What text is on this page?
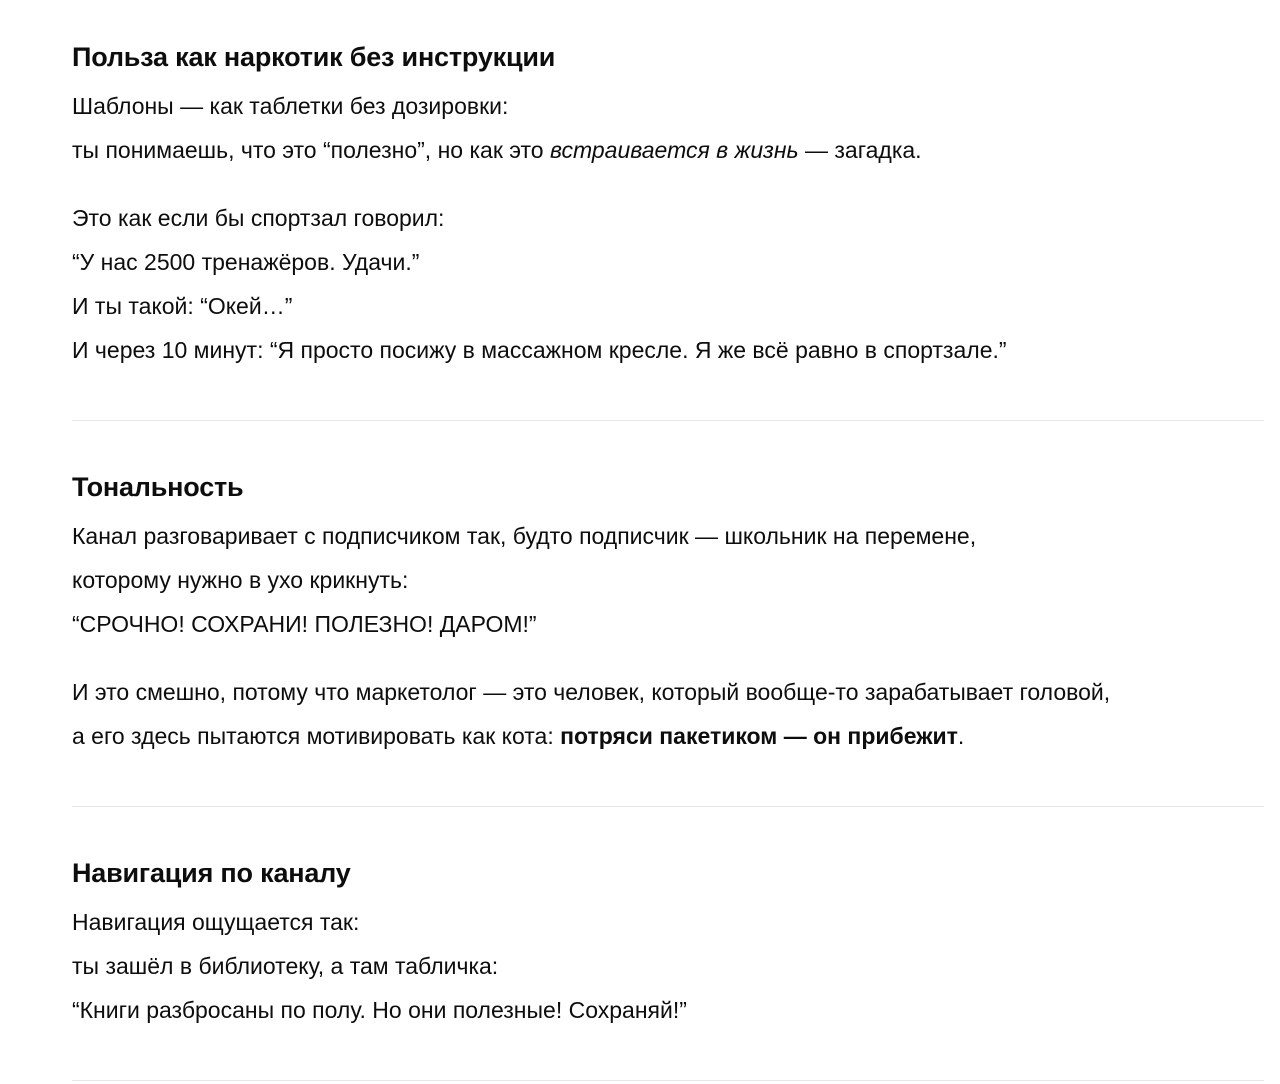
Польза как наркотик без инструкции

Шаблоны — как таблетки без дозировки:
ты понимаешь, что это “полезно”, но как это встраивается в жизнь — загадка.

Это как если бы спортзал говорил:
“У нас 2500 тренажёров. Удачи.”
И ты такой: “Окей…”
И через 10 минут: “Я просто посижу в массажном кресле. Я же всё равно в спортзале.”

Тональность

Канал разговаривает с подписчиком так, будто подписчик — школьник на перемене,
которому нужно в ухо крикнуть:
“СРОЧНО! СОХРАНИ! ПОЛЕЗНО! ДАРОМ!”

И это смешно, потому что маркетолог — это человек, который вообще-то зарабатывает головой,
а его здесь пытаются мотивировать как кота: потряси пакетиком — он прибежит.

Навигация по каналу

Навигация ощущается так:
ты зашёл в библиотеку, а там табличка:
“Книги разбросаны по полу. Но они полезные! Сохраняй!”
